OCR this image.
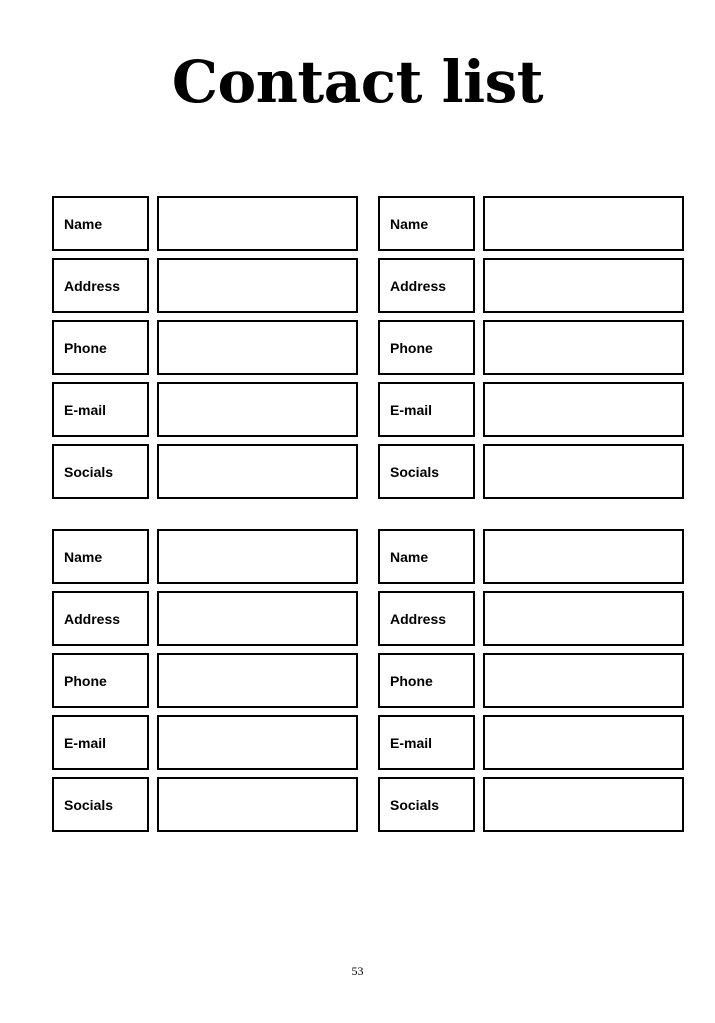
Contact list
Name
Address
Phone
E-mail
Socials
Name
Address
Phone
E-mail
Socials
Name
Address
Phone
E-mail
Socials
Name
Address
Phone
E-mail
Socials
53
